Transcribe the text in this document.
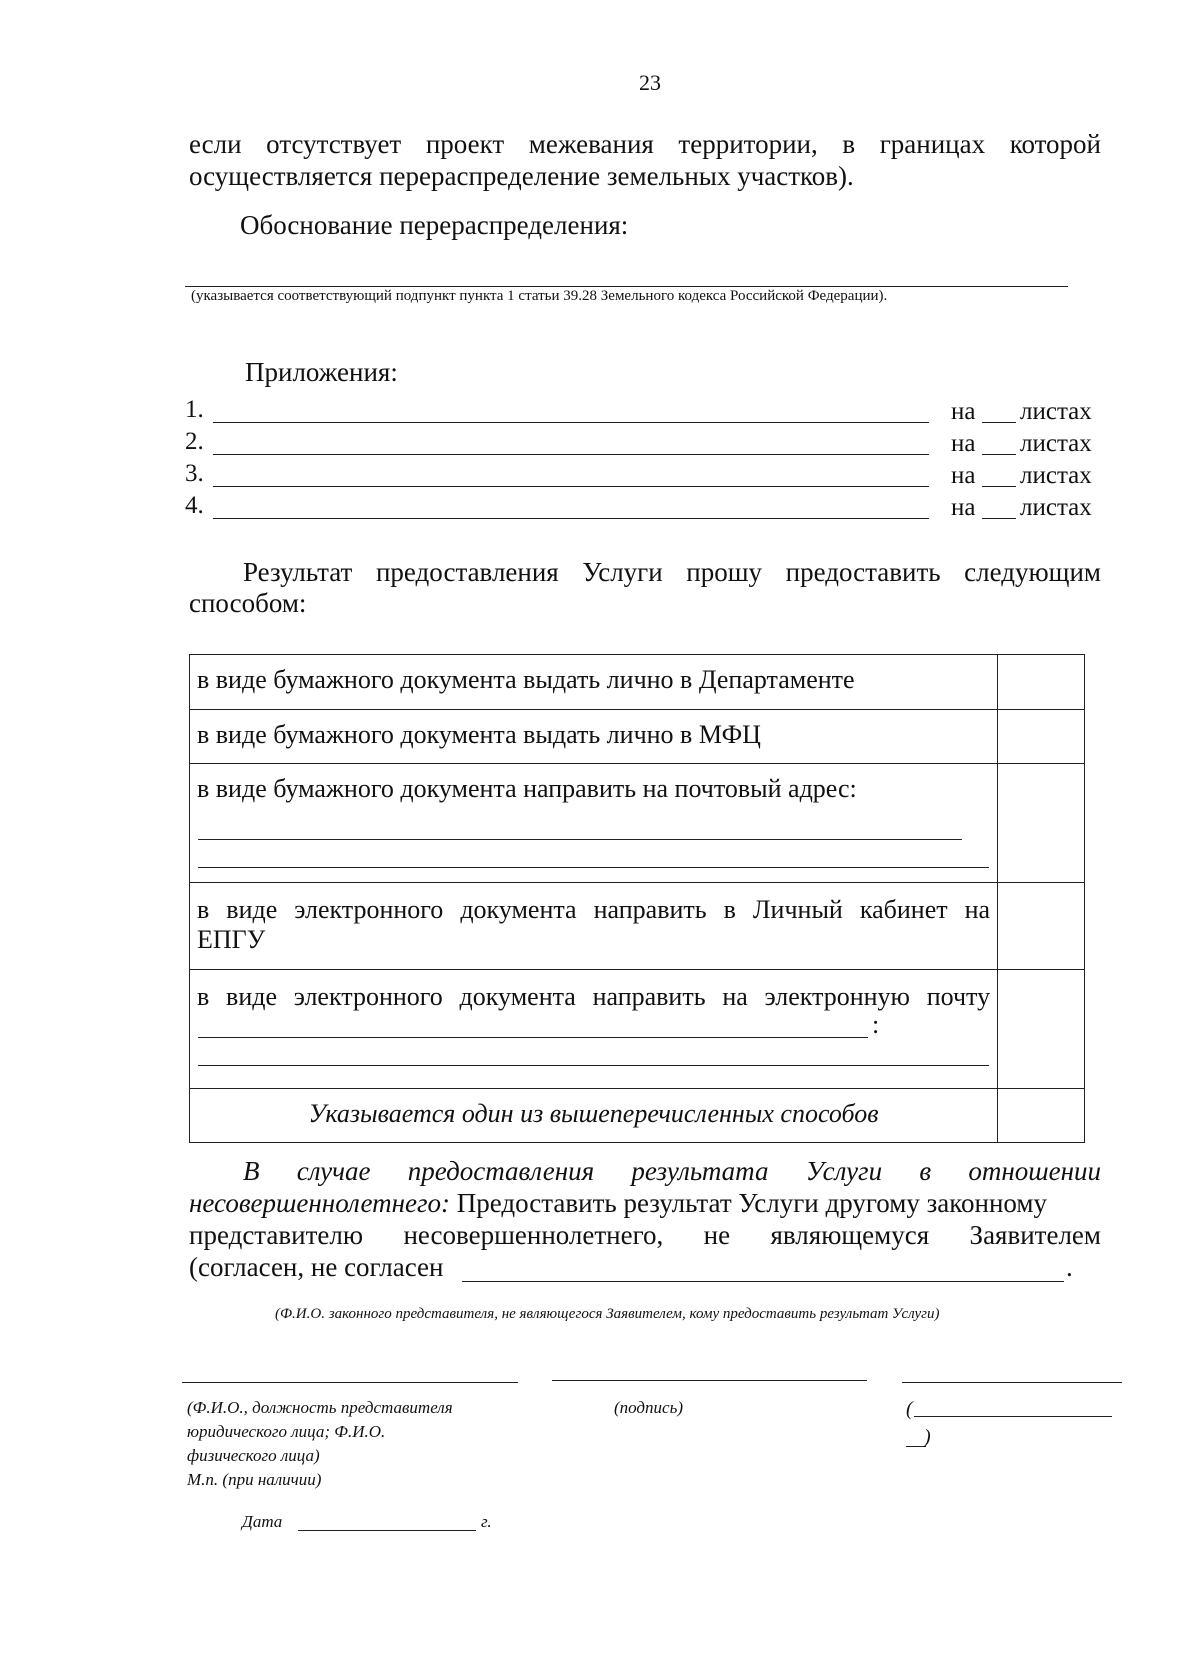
23
если отсутствует проект межевания территории, в границах которой
осуществляется перераспределение земельных участков).
Обоснование перераспределения:
(указывается соответствующий подпункт пункта 1 статьи 39.28 Земельного кодекса Российской Федерации).
Приложения:
1.	на листах
2.	на листах
3.	на листах
4.	на листах
Результат предоставления Услуги прошу предоставить следующим
способом:
в виде бумажного документа выдать лично в Департаменте	

в виде бумажного документа выдать лично в МФЦ	

в виде бумажного документа направить на почтовый адрес:	

в виде электронного документа направить в Личный кабинет на
ЕПГУ	

в виде электронного документа направить на электронную почту
:	

Указывается один из вышеперечисленных способов	

В случае предоставления результата Услуги в отношении
несовершеннолетнего: Предоставить результат Услуги другому законному
представителю несовершеннолетнего, не являющемуся Заявителем
(согласен, не согласен	.
(Ф.И.О. законного представителя, не являющегося Заявителем, кому предоставить результат Услуги)
(Ф.И.О., должность представителя
юридического лица; Ф.И.О.
физического лица)
М.п. (при наличии)
(подпись)	(
)
Дата	г.
